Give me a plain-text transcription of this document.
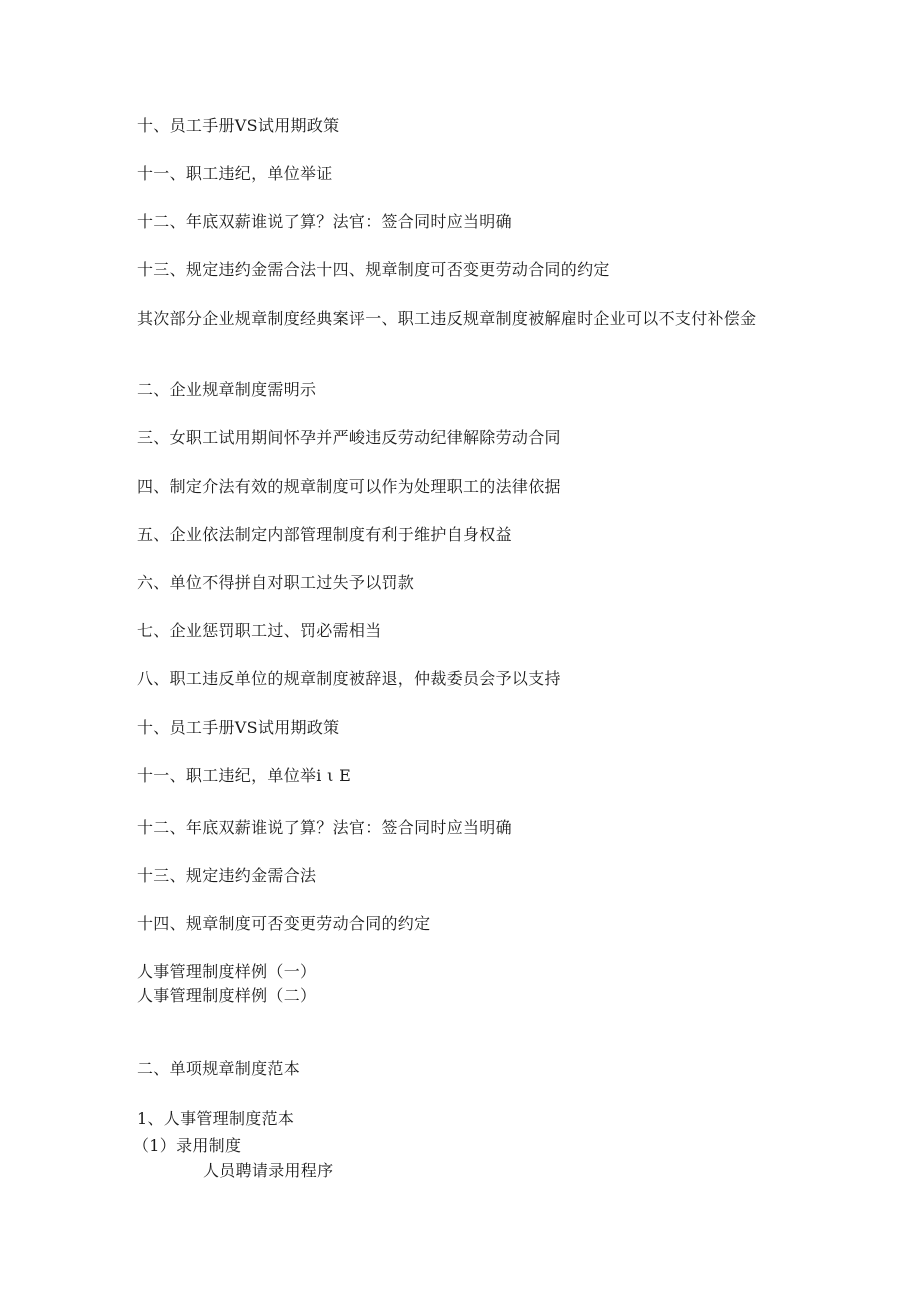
十、员工手册VS试用期政策
十一、职工违纪，单位举证
十二、年底双薪谁说了算？法官：签合同时应当明确
十三、规定违约金需合法十四、规章制度可否变更劳动合同的约定
其次部分企业规章制度经典案评一、职工违反规章制度被解雇时企业可以不支付补偿金
二、企业规章制度需明示
三、女职工试用期间怀孕并严峻违反劳动纪律解除劳动合同
四、制定介法有效的规章制度可以作为处理职工的法律依据
五、企业依法制定内部管理制度有利于维护自身权益
六、单位不得拼自对职工过失予以罚款
七、企业惩罚职工过、罚必需相当
八、职工违反单位的规章制度被辞退，仲裁委员会予以支持
十、员工手册VS试用期政策
十一、职工违纪，单位举i ι E
十二、年底双薪谁说了算？法官：签合同时应当明确
十三、规定违约金需合法
十四、规章制度可否变更劳动合同的约定
人事管理制度样例（一）
人事管理制度样例（二）
二、单项规章制度范本
1、人事管理制度范本
（1）录用制度
人员聘请录用程序
